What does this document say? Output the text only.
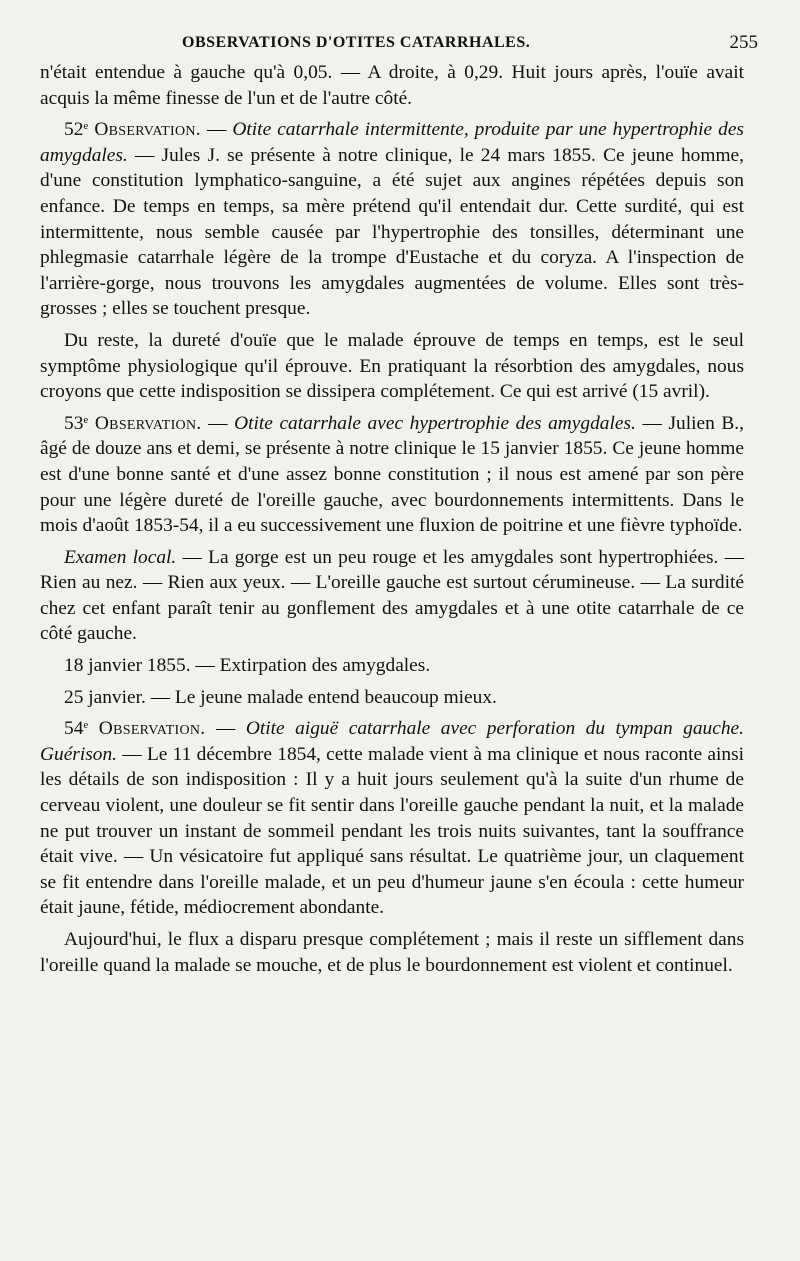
OBSERVATIONS D'OTITES CATARRHALES.	255

n'était entendue à gauche qu'à 0,05. — A droite, à 0,29. Huit jours après, l'ouïe avait acquis la même finesse de l'un et de l'autre côté.

52e Observation. — Otite catarrhale intermittente, produite par une hypertrophie des amygdales. — Jules J. se présente à notre clinique, le 24 mars 1855. Ce jeune homme, d'une constitution lymphatico-sanguine, a été sujet aux angines répétées depuis son enfance. De temps en temps, sa mère prétend qu'il entendait dur. Cette surdité, qui est intermittente, nous semble causée par l'hypertrophie des tonsilles, déterminant une phlegmasie catarrhale légère de la trompe d'Eustache et du coryza. A l'inspection de l'arrière-gorge, nous trouvons les amygdales augmentées de volume. Elles sont très-grosses ; elles se touchent presque.

Du reste, la dureté d'ouïe que le malade éprouve de temps en temps, est le seul symptôme physiologique qu'il éprouve. En pratiquant la résorbtion des amygdales, nous croyons que cette indisposition se dissipera complétement. Ce qui est arrivé (15 avril).

53e Observation. — Otite catarrhale avec hypertrophie des amygdales. — Julien B., âgé de douze ans et demi, se présente à notre clinique le 15 janvier 1855. Ce jeune homme est d'une bonne santé et d'une assez bonne constitution ; il nous est amené par son père pour une légère dureté de l'oreille gauche, avec bourdonnements intermittents. Dans le mois d'août 1853-54, il a eu successivement une fluxion de poitrine et une fièvre typhoïde.

Examen local. — La gorge est un peu rouge et les amygdales sont hypertrophiées. — Rien au nez. — Rien aux yeux. — L'oreille gauche est surtout cérumineuse. — La surdité chez cet enfant paraît tenir au gonflement des amygdales et à une otite catarrhale de ce côté gauche.

18 janvier 1855. — Extirpation des amygdales.

25 janvier. — Le jeune malade entend beaucoup mieux.

54e Observation. — Otite aiguë catarrhale avec perforation du tympan gauche. Guérison. — Le 11 décembre 1854, cette malade vient à ma clinique et nous raconte ainsi les détails de son indisposition : Il y a huit jours seulement qu'à la suite d'un rhume de cerveau violent, une douleur se fit sentir dans l'oreille gauche pendant la nuit, et la malade ne put trouver un instant de sommeil pendant les trois nuits suivantes, tant la souffrance était vive. — Un vésicatoire fut appliqué sans résultat. Le quatrième jour, un claquement se fit entendre dans l'oreille malade, et un peu d'humeur jaune s'en écoula : cette humeur était jaune, fétide, médiocrement abondante.

Aujourd'hui, le flux a disparu presque complétement ; mais il reste un sifflement dans l'oreille quand la malade se mouche, et de plus le bourdonnement est violent et continuel.
